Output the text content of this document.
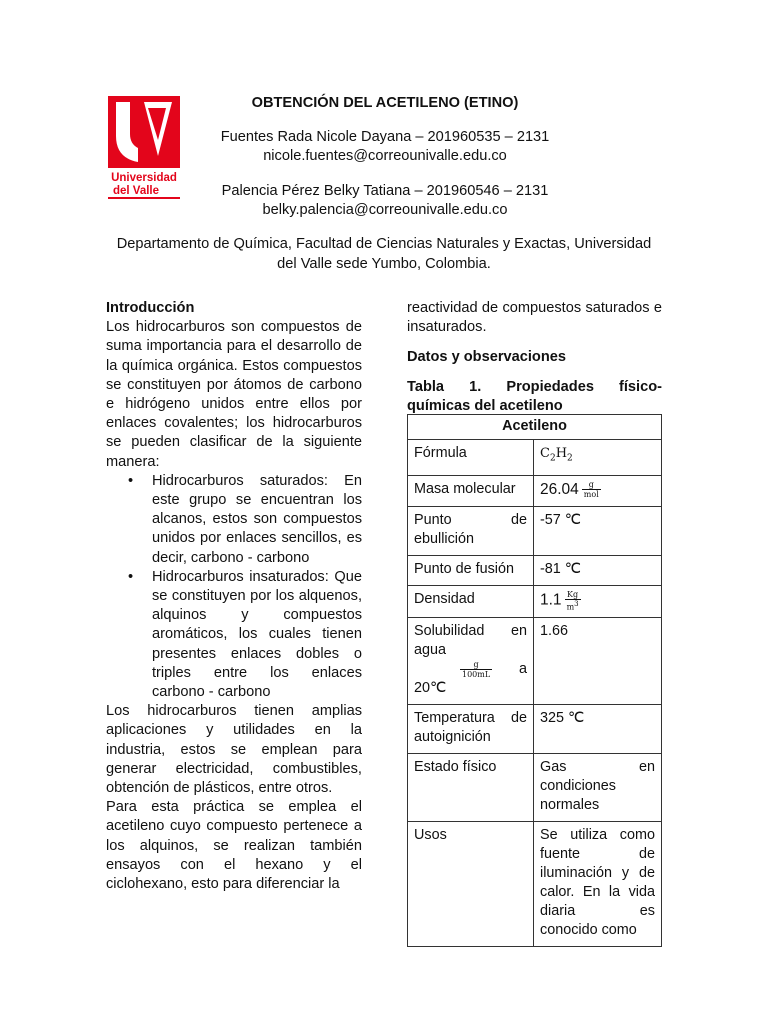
Universidad
del Valle
OBTENCIÓN DEL ACETILENO (ETINO)
Fuentes Rada Nicole Dayana – 201960535 – 2131
nicole.fuentes@correounivalle.edu.co
Palencia Pérez Belky Tatiana – 201960546 – 2131
belky.palencia@correounivalle.edu.co
Departamento de Química, Facultad de Ciencias Naturales y Exactas, Universidad del Valle sede Yumbo, Colombia.

Introducción

Los hidrocarburos son compuestos de suma importancia para el desarrollo de la química orgánica. Estos compuestos se constituyen por átomos de carbono e hidrógeno unidos entre ellos por enlaces covalentes; los hidrocarburos se pueden clasificar de la siguiente manera:

• Hidrocarburos saturados: En este grupo se encuentran los alcanos, estos son compuestos unidos por enlaces sencillos, es decir, carbono - carbono
• Hidrocarburos insaturados: Que se constituyen por los alquenos, alquinos y compuestos aromáticos, los cuales tienen presentes enlaces dobles o triples entre los enlaces carbono - carbono

Los hidrocarburos tienen amplias aplicaciones y utilidades en la industria, estos se emplean para generar electricidad, combustibles, obtención de plásticos, entre otros.

Para esta práctica se emplea el acetileno cuyo compuesto pertenece a los alquinos, se realizan también ensayos con el hexano y el ciclohexano, esto para diferenciar la

reactividad de compuestos saturados e insaturados.

Datos y observaciones

Tabla 1. Propiedades físico-

químicas del acetileno

Acetileno	
Fórmula	$C_2H_2$
Masa molecular	$26.04 \frac{g}{\text{mol}}$

Punto de ebullición	-57 ℃
Punto de fusión	-81 ℃
Densidad	$1.1 \frac{Kg}{m^3}$

Solubilidad en agua
$\frac{g}{100mL}$ a
20℃	1.66
Temperatura de autoignición	325 ℃
Estado físico	Gas en condiciones normales
Usos	Se utiliza como fuente de iluminación y de calor. En la vida diaria es conocido como
